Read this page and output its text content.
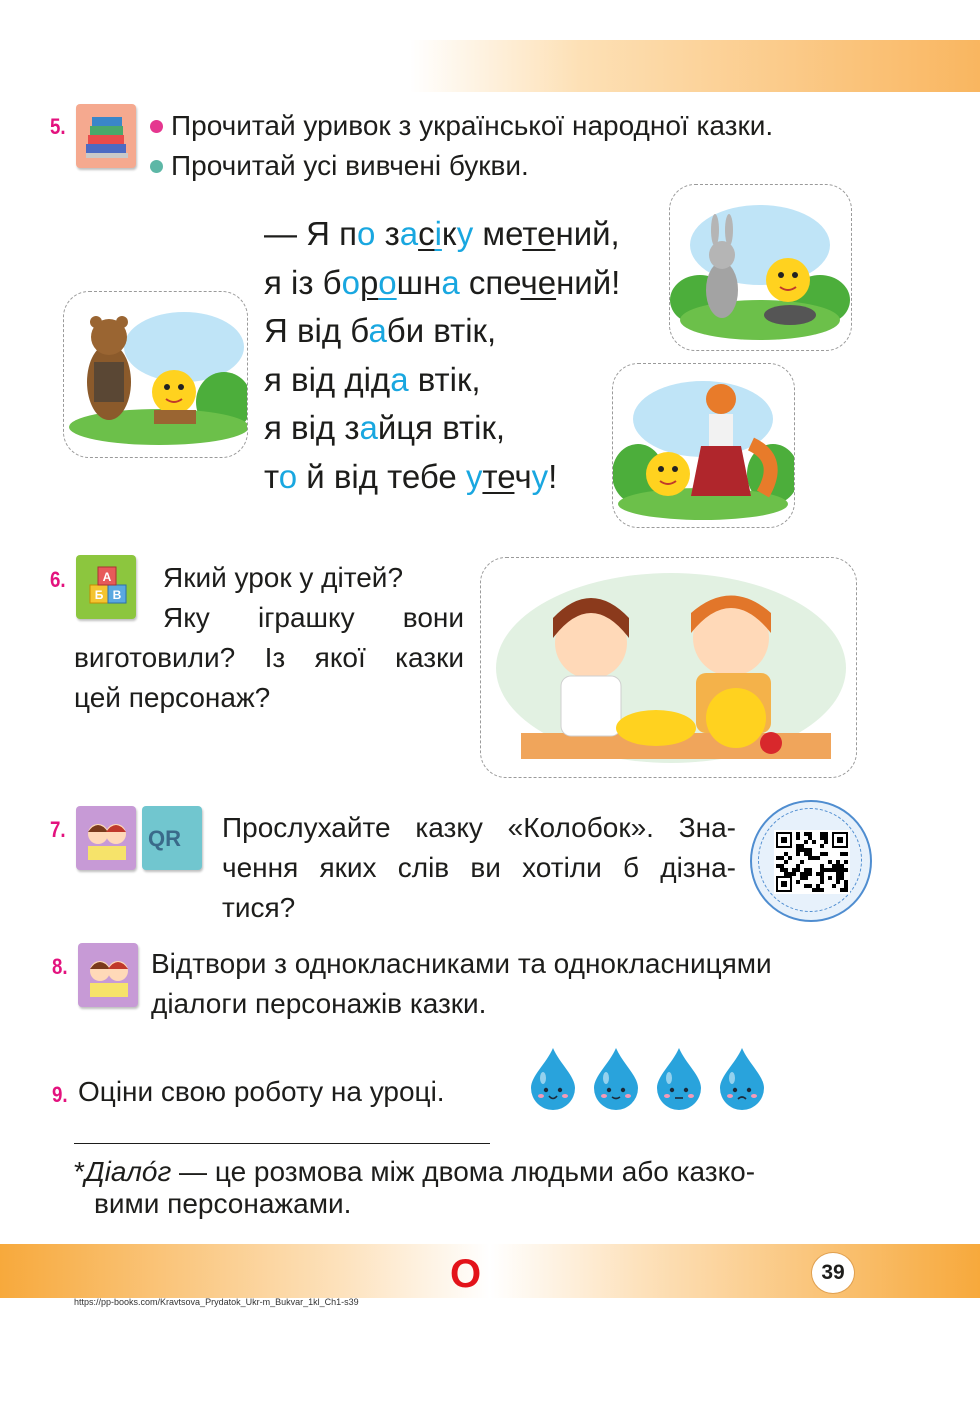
5.	Прочитай уривок з української народної казки.
Прочитай усі вивчені букви.
— Я по засіку метений,
я із борошна спечений!
Я від баби втік,
я від діда втік,
я від зайця втік,
то й від тебе утечу!
6.
Б В
А Який урок у дітей?
Яку іграшку вони
виготовили? Із якої казки
цей персонаж?
7.	QR Прослухайте казку «Колобок». Зна-
чення яких слів ви хотіли б дізна-
тися?
8.	Відтвори з однокласниками та однокласницями
діалоги персонажів казки.
9. Оціни свою роботу на уроці.
*Діало́г — це розмова між двома людьми або казко-
вими персонажами.
O	39
https://pp-books.com/Kravtsova_Prydatok_Ukr-m_Bukvar_1kl_Ch1-s39
